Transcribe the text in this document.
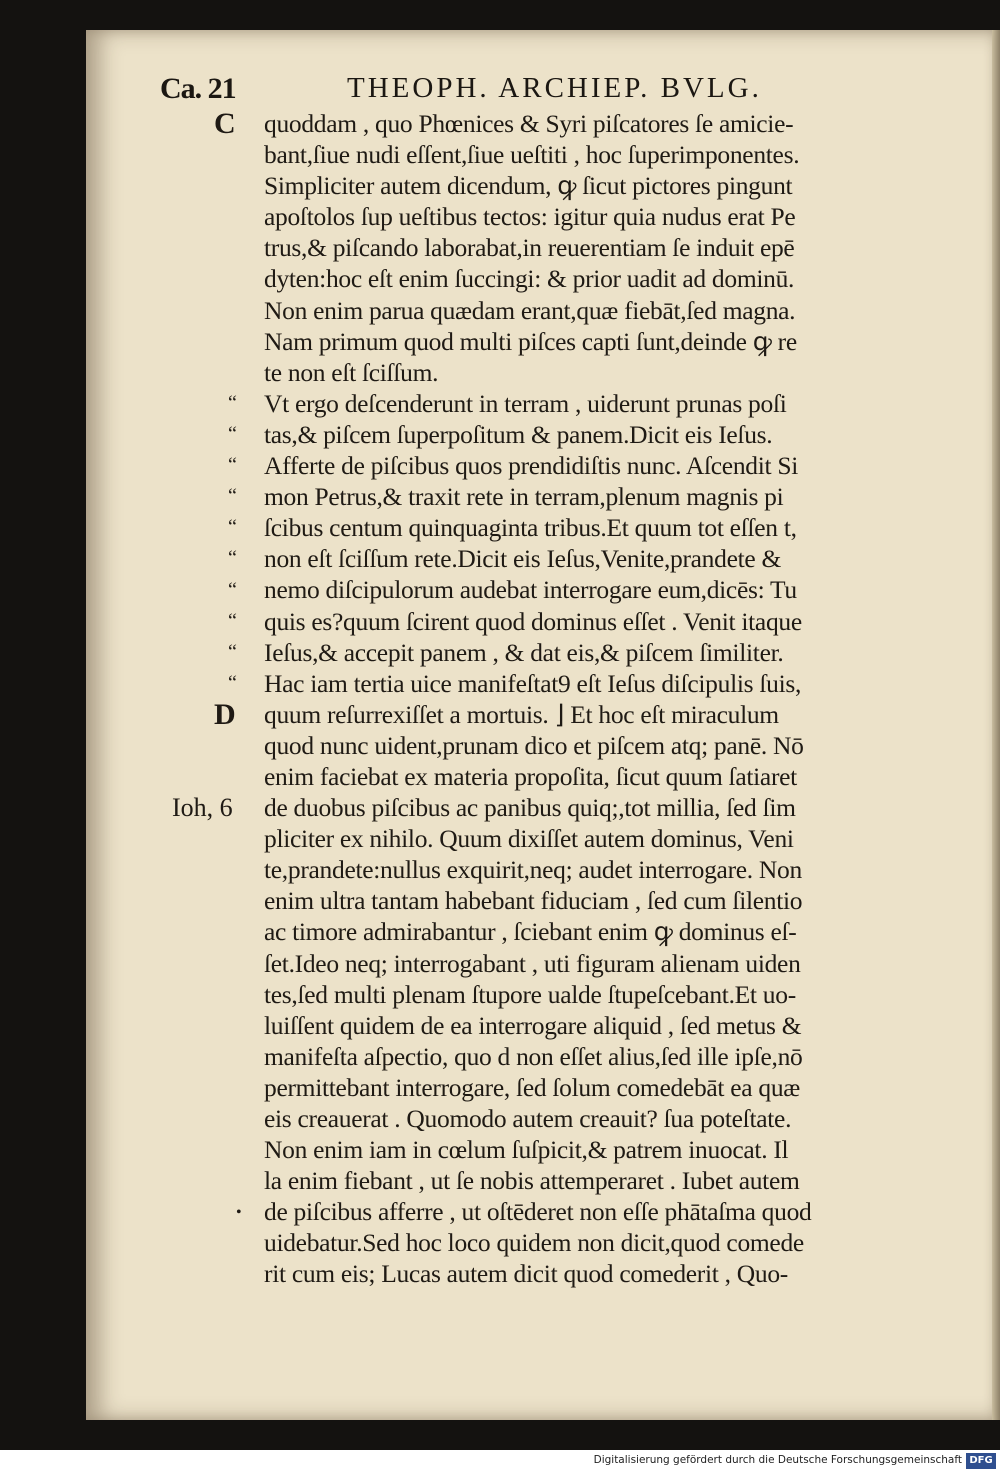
Ca. 21	THEOPH. ARCHIEP. BVLG.
C
“
“
“
“
“
“
“
“
“
“
D
Ioh, 6
•
quoddam , quo Phœnices & Syri piſcatores ſe amicie-
bant,ſiue nudi eſſent,ſiue ueſtiti , hoc ſuperimponentes.
Simpliciter autem dicendum, ꝙ ſicut pictores pingunt
apoſtolos ſup ueſtibus tectos: igitur quia nudus erat Pe
trus,& piſcando laborabat,in reuerentiam ſe induit epē
dyten:hoc eſt enim ſuccingi: & prior uadit ad dominū.
Non enim parua quædam erant,quæ fiebāt,ſed magna.
Nam primum quod multi piſces capti ſunt,deinde ꝙ re
te non eſt ſciſſum.
Vt ergo deſcenderunt in terram , uiderunt prunas poſi
tas,& piſcem ſuperpoſitum & panem.Dicit eis Ieſus.
Afferte de piſcibus quos prendidiſtis nunc. Aſcendit Si
mon Petrus,& traxit rete in terram,plenum magnis pi
ſcibus centum quinquaginta tribus.Et quum tot eſſen t,
non eſt ſciſſum rete.Dicit eis Ieſus,Venite,prandete &
nemo diſcipulorum audebat interrogare eum,dicēs: Tu
quis es?quum ſcirent quod dominus eſſet . Venit itaque
Ieſus,& accepit panem , & dat eis,& piſcem ſimiliter.
Hac iam tertia uice manifeſtat9 eſt Ieſus diſcipulis ſuis,
quum reſurrexiſſet a mortuis. ⌋ Et hoc eſt miraculum
quod nunc uident,prunam dico et piſcem atq; panē. Nō
enim faciebat ex materia propoſita, ſicut quum ſatiaret
de duobus piſcibus ac panibus quiq;,tot millia, ſed ſim
pliciter ex nihilo. Quum dixiſſet autem dominus, Veni
te,prandete:nullus exquirit,neq; audet interrogare. Non
enim ultra tantam habebant fiduciam , ſed cum ſilentio
ac timore admirabantur , ſciebant enim ꝙ dominus eſ-
ſet.Ideo neq; interrogabant , uti figuram alienam uiden
tes,ſed multi plenam ſtupore ualde ſtupeſcebant.Et uo-
luiſſent quidem de ea interrogare aliquid , ſed metus &
manifeſta aſpectio, quo d non eſſet alius,ſed ille ipſe,nō
permittebant interrogare, ſed ſolum comedebāt ea quæ
eis creauerat . Quomodo autem creauit? ſua poteſtate.
Non enim iam in cœlum ſuſpicit,& patrem inuocat. Il
la enim fiebant , ut ſe nobis attemperaret . Iubet autem
de piſcibus afferre , ut oſtēderet non eſſe phātaſma quod
uidebatur.Sed hoc loco quidem non dicit,quod comede
rit cum eis; Lucas autem dicit quod comederit , Quo-
Digitalisierung gefördert durch die Deutsche Forschungsgemeinschaft DFG
